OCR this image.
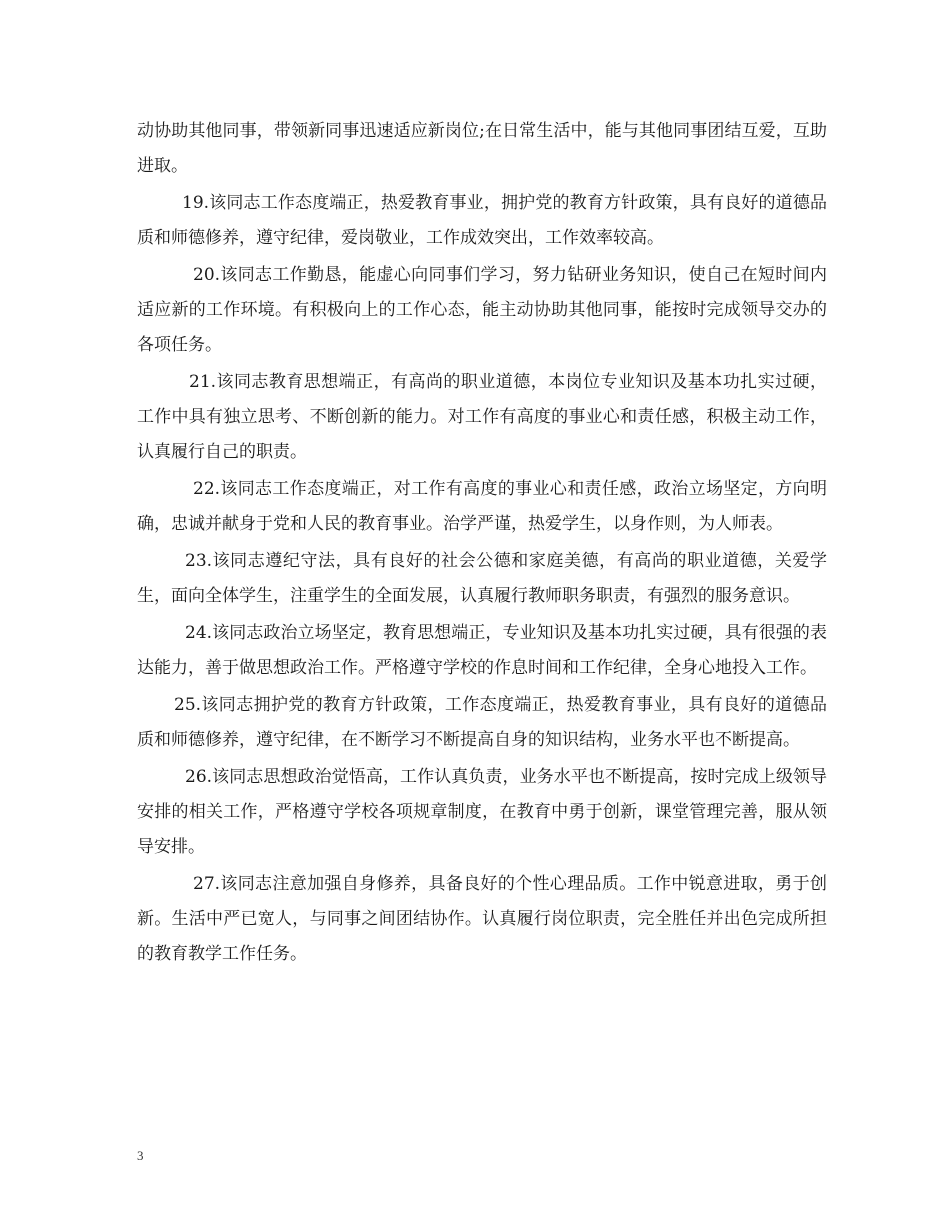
动协助其他同事，带领新同事迅速适应新岗位;在日常生活中，能与其他同事团结互爱，互助进取。

19.该同志工作态度端正，热爱教育事业，拥护党的教育方针政策，具有良好的道德品质和师德修养，遵守纪律，爱岗敬业，工作成效突出，工作效率较高。

20.该同志工作勤恳，能虚心向同事们学习，努力钻研业务知识，使自己在短时间内适应新的工作环境。有积极向上的工作心态，能主动协助其他同事，能按时完成领导交办的各项任务。

21.该同志教育思想端正，有高尚的职业道德，本岗位专业知识及基本功扎实过硬，工作中具有独立思考、不断创新的能力。对工作有高度的事业心和责任感，积极主动工作，认真履行自己的职责。

22.该同志工作态度端正，对工作有高度的事业心和责任感，政治立场坚定，方向明确，忠诚并献身于党和人民的教育事业。治学严谨，热爱学生，以身作则，为人师表。

23.该同志遵纪守法，具有良好的社会公德和家庭美德，有高尚的职业道德，关爱学生，面向全体学生，注重学生的全面发展，认真履行教师职务职责，有强烈的服务意识。

24.该同志政治立场坚定，教育思想端正，专业知识及基本功扎实过硬，具有很强的表达能力，善于做思想政治工作。严格遵守学校的作息时间和工作纪律，全身心地投入工作。

25.该同志拥护党的教育方针政策，工作态度端正，热爱教育事业，具有良好的道德品质和师德修养，遵守纪律，在不断学习不断提高自身的知识结构，业务水平也不断提高。

26.该同志思想政治觉悟高，工作认真负责，业务水平也不断提高，按时完成上级领导安排的相关工作，严格遵守学校各项规章制度，在教育中勇于创新，课堂管理完善，服从领导安排。

27.该同志注意加强自身修养，具备良好的个性心理品质。工作中锐意进取，勇于创新。生活中严已宽人，与同事之间团结协作。认真履行岗位职责，完全胜任并出色完成所担的教育教学工作任务。

3
